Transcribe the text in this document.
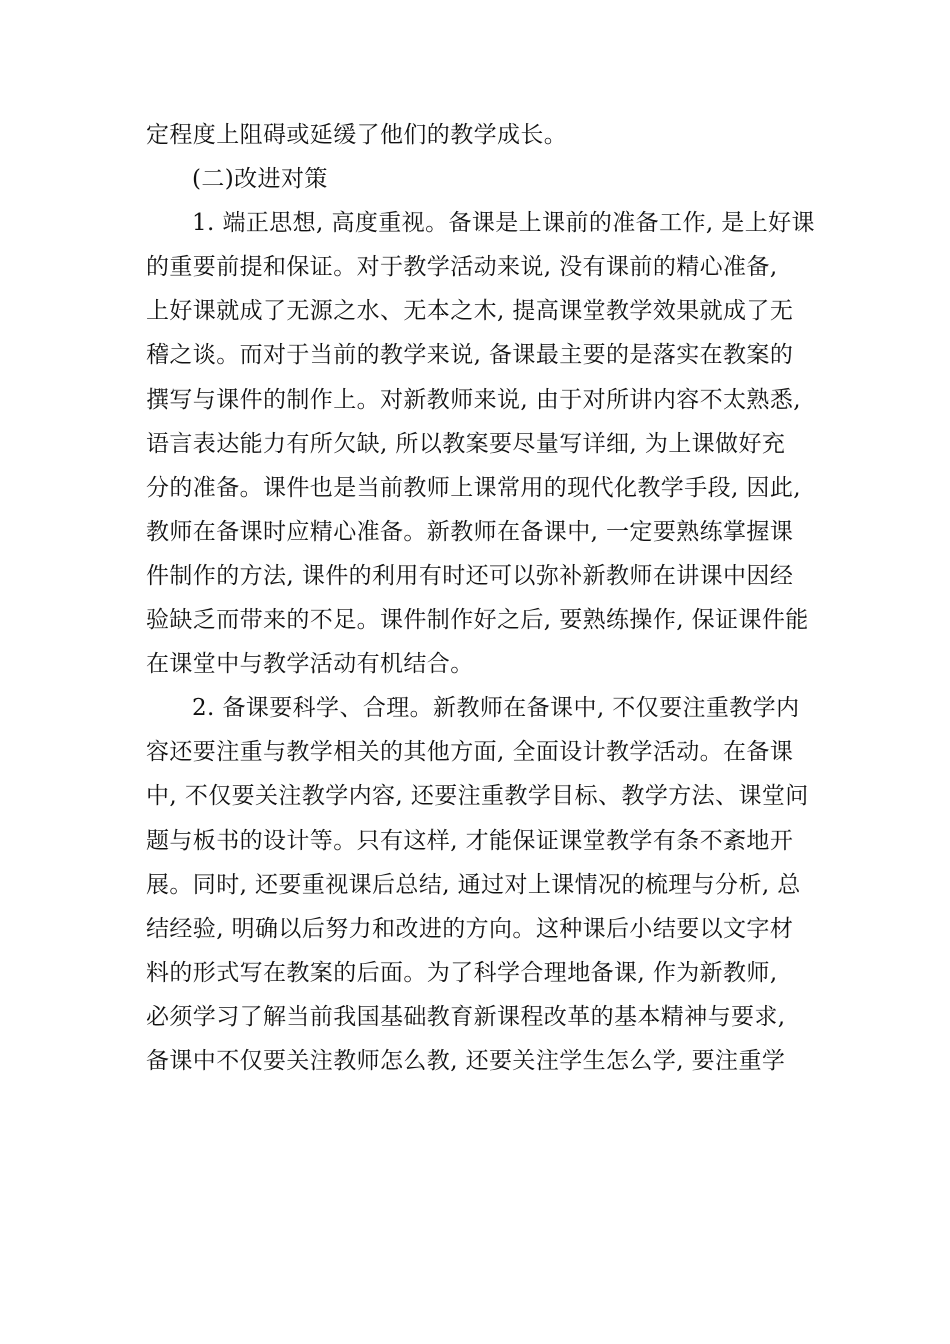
定程度上阻碍或延缓了他们的教学成长。
(二)改进对策
1. 端正思想, 高度重视。备课是上课前的准备工作, 是上好课
的重要前提和保证。对于教学活动来说, 没有课前的精心准备,
上好课就成了无源之水、无本之木, 提高课堂教学效果就成了无
稽之谈。而对于当前的教学来说, 备课最主要的是落实在教案的
撰写与课件的制作上。对新教师来说, 由于对所讲内容不太熟悉,
语言表达能力有所欠缺, 所以教案要尽量写详细, 为上课做好充
分的准备。课件也是当前教师上课常用的现代化教学手段, 因此,
教师在备课时应精心准备。新教师在备课中, 一定要熟练掌握课
件制作的方法, 课件的利用有时还可以弥补新教师在讲课中因经
验缺乏而带来的不足。课件制作好之后, 要熟练操作, 保证课件能
在课堂中与教学活动有机结合。
2. 备课要科学、合理。新教师在备课中, 不仅要注重教学内
容还要注重与教学相关的其他方面, 全面设计教学活动。在备课
中, 不仅要关注教学内容, 还要注重教学目标、教学方法、课堂问
题与板书的设计等。只有这样, 才能保证课堂教学有条不紊地开
展。同时, 还要重视课后总结, 通过对上课情况的梳理与分析, 总
结经验, 明确以后努力和改进的方向。这种课后小结要以文字材
料的形式写在教案的后面。为了科学合理地备课, 作为新教师,
必须学习了解当前我国基础教育新课程改革的基本精神与要求,
备课中不仅要关注教师怎么教, 还要关注学生怎么学, 要注重学
